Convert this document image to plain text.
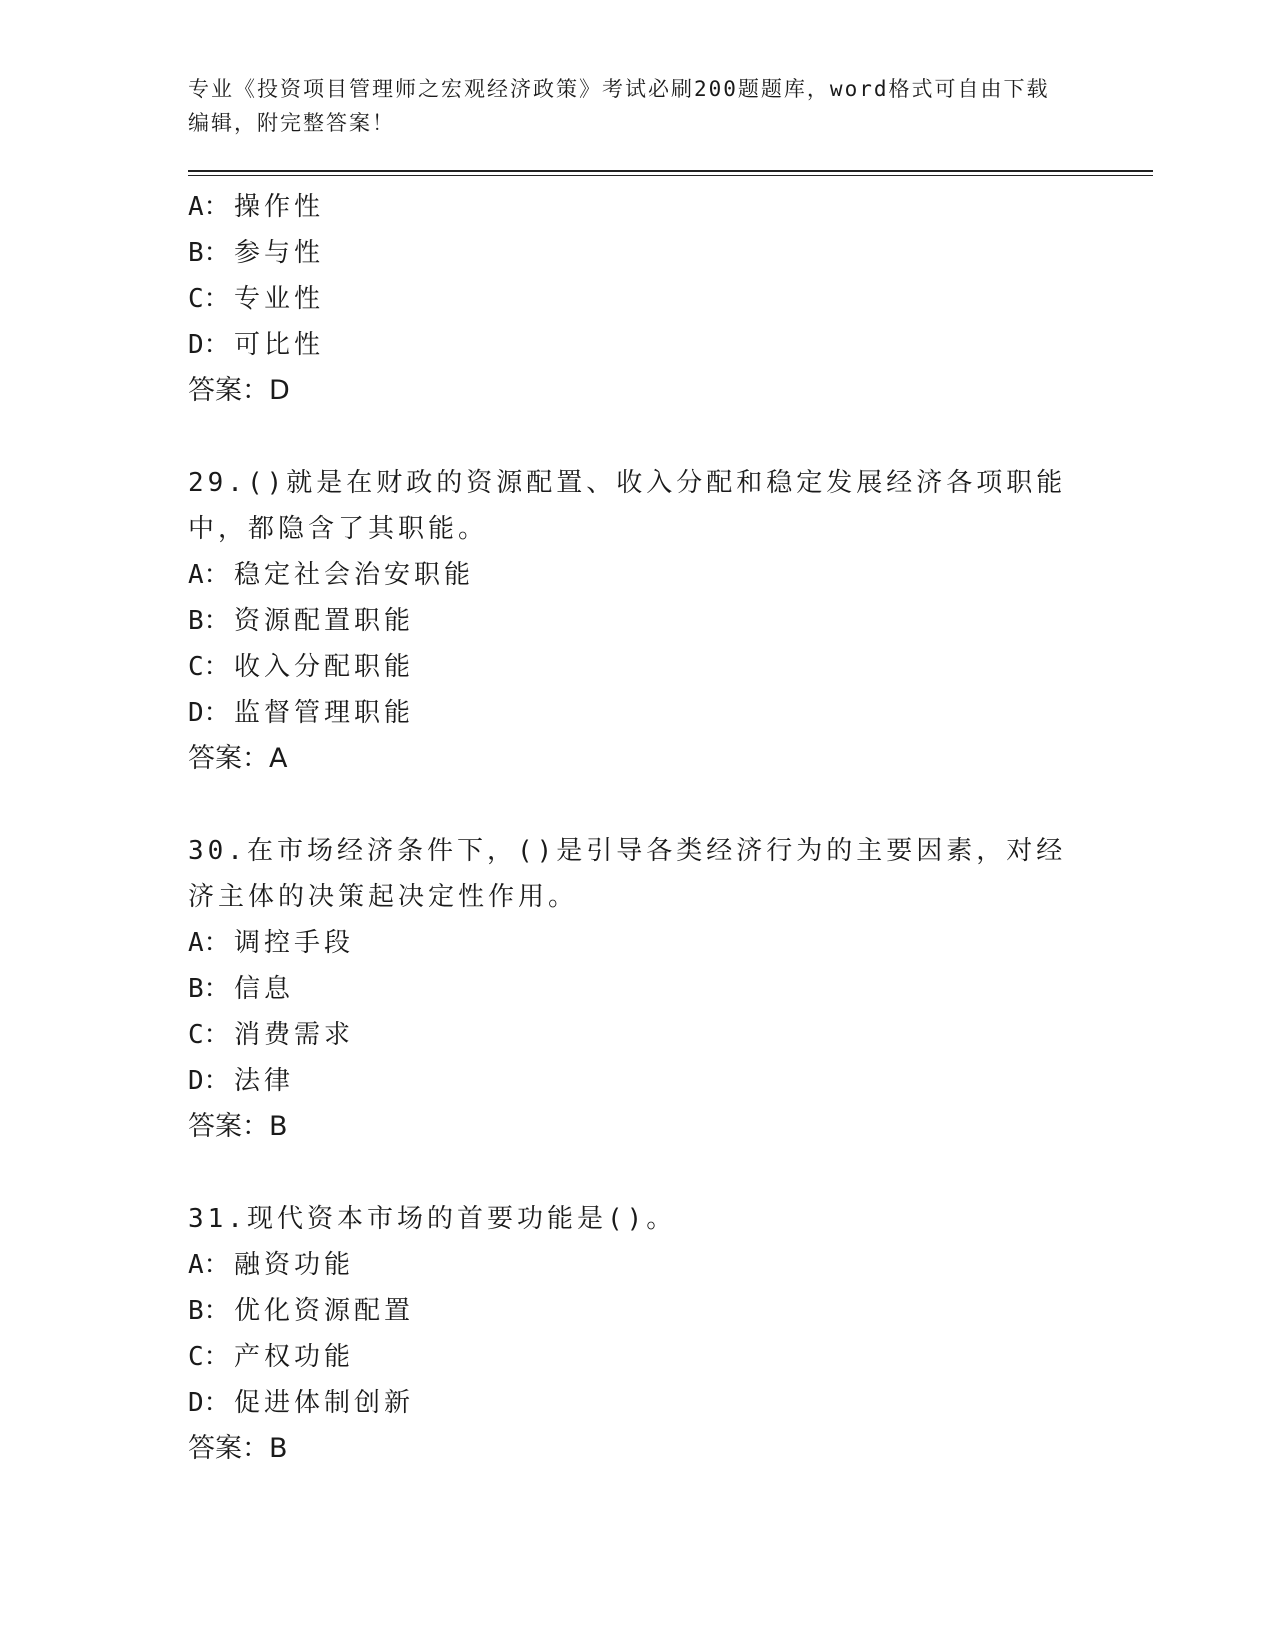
专业《投资项目管理师之宏观经济政策》考试必刷200题题库，word格式可自由下载编辑，附完整答案！

A： 操作性
B： 参与性
C： 专业性
D： 可比性
答案：D
29.()就是在财政的资源配置、收入分配和稳定发展经济各项职能中，都隐含了其职能。
A： 稳定社会治安职能
B： 资源配置职能
C： 收入分配职能
D： 监督管理职能
答案：A
30.在市场经济条件下，()是引导各类经济行为的主要因素，对经济主体的决策起决定性作用。
A： 调控手段
B： 信息
C： 消费需求
D： 法律
答案：B
31.现代资本市场的首要功能是()。
A： 融资功能
B： 优化资源配置
C： 产权功能
D： 促进体制创新
答案：B
